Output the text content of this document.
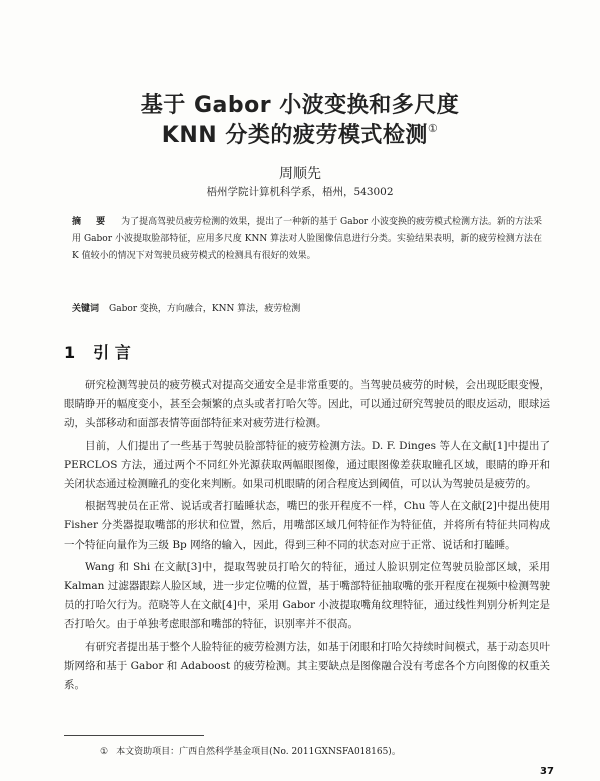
基于 Gabor 小波变换和多尺度
KNN 分类的疲劳模式检测①
周顺先
梧州学院计算机科学系，梧州，543002
摘 要 为了提高驾驶员疲劳检测的效果，提出了一种新的基于 Gabor 小波变换的疲劳模式检测方法。新的方法采用 Gabor 小波提取脸部特征，应用多尺度 KNN 算法对人脸图像信息进行分类。实验结果表明，新的疲劳检测方法在 K 值较小的情况下对驾驶员疲劳模式的检测具有很好的效果。
关键词 Gabor 变换，方向融合，KNN 算法，疲劳检测
1 引 言

研究检测驾驶员的疲劳模式对提高交通安全是非常重要的。当驾驶员疲劳的时候，会出现眨眼变慢，眼睛睁开的幅度变小，甚至会频繁的点头或者打哈欠等。因此，可以通过研究驾驶员的眼皮运动，眼球运动，头部移动和面部表情等面部特征来对疲劳进行检测。

目前，人们提出了一些基于驾驶员脸部特征的疲劳检测方法。D. F. Dinges 等人在文献[1]中提出了 PERCLOS 方法，通过两个不同红外光源获取两幅眼图像，通过眼图像差获取瞳孔区域，眼睛的睁开和关闭状态通过检测瞳孔的变化来判断。如果司机眼睛的闭合程度达到阈值，可以认为驾驶员是疲劳的。

根据驾驶员在正常、说话或者打瞌睡状态，嘴巴的张开程度不一样，Chu 等人在文献[2]中提出使用 Fisher 分类器提取嘴部的形状和位置，然后，用嘴部区域几何特征作为特征值，并将所有特征共同构成一个特征向量作为三级 Bp 网络的输入，因此，得到三种不同的状态对应于正常、说话和打瞌睡。

Wang 和 Shi 在文献[3]中，提取驾驶员打哈欠的特征，通过人脸识别定位驾驶员脸部区域，采用 Kalman 过滤器跟踪人脸区域，进一步定位嘴的位置，基于嘴部特征抽取嘴的张开程度在视频中检测驾驶员的打哈欠行为。范晓等人在文献[4]中，采用 Gabor 小波提取嘴角纹理特征，通过线性判别分析判定是否打哈欠。由于单独考虑眼部和嘴部的特征，识别率并不很高。

有研究者提出基于整个人脸特征的疲劳检测方法，如基于闭眼和打哈欠持续时间模式，基于动态贝叶斯网络和基于 Gabor 和 Adaboost 的疲劳检测。其主要缺点是图像融合没有考虑各个方向图像的权重关系。

① 本文资助项目：广西自然科学基金项目(No. 2011GXNSFA018165)。
37
